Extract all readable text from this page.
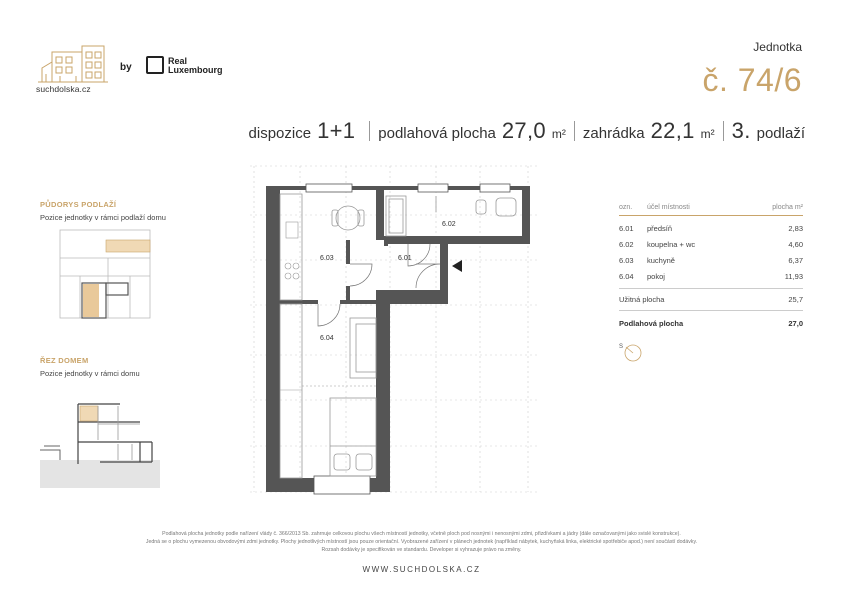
suchdolska.cz
by
Real
Luxembourg
Jednotka
č. 74/6
dispozice 1+1 podlahová plocha 27,0 m² zahrádka 22,1 m² 3. podlaží
PŮDORYS PODLAŽÍ
Pozice jednotky v rámci podlaží domu
ŘEZ DOMEM
Pozice jednotky v rámci domu
6.03	6.01
6.02
6.04
ozn.	účel místnosti	plocha m²
6.01	předsíň	2,83
6.02	koupelna + wc	4,60
6.03	kuchyně	6,37
6.04	pokoj	11,93
Užitná plocha	25,7
Podlahová plocha	27,0
S
Podlahová plocha jednotky podle nařízení vlády č. 366/2013 Sb. zahrnuje celkovou plochu všech místností jednotky, včetně ploch pod nosnými i nenosnými zdmi, přizdívkami a jádry (dále označovanými jako svislé konstrukce).
Jedná se o plochu vymezenou obvodovými zdmi jednotky. Plochy jednotlivých místností jsou pouze orientační. Vyobrazené zařízení v plánech jednotek (například nábytek, kuchyňská linka, elektrické spotřebiče apod.) není součástí dodávky.
Rozsah dodávky je specifikován ve standardu. Developer si vyhrazuje právo na změny.
WWW.SUCHDOLSKA.CZ
